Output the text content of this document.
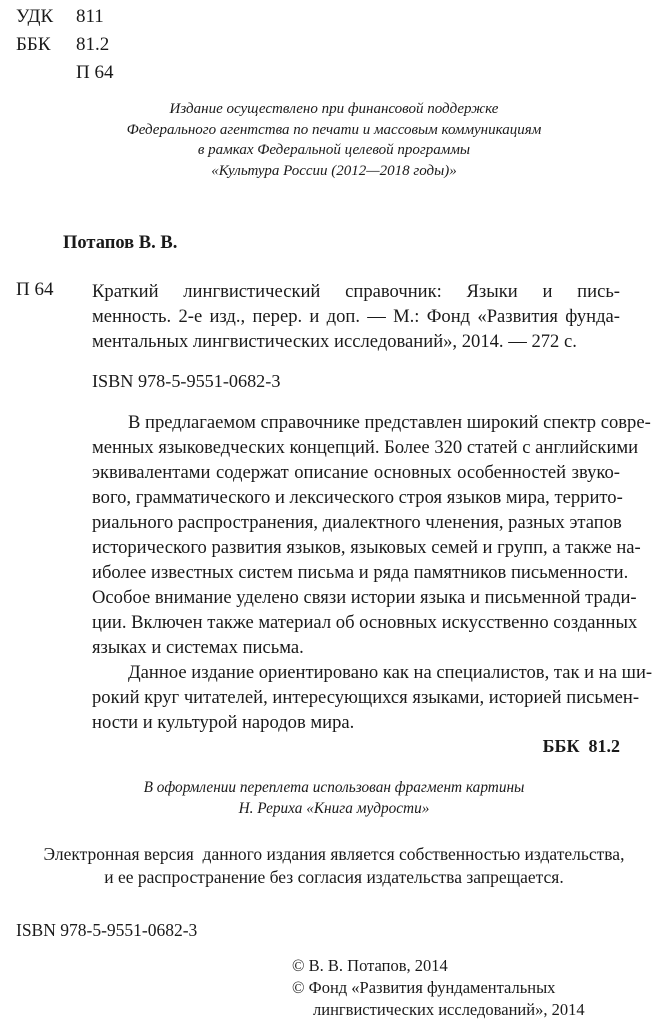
УДК 811
ББК 81.2
П 64
Издание осуществлено при финансовой поддержке
Федерального агентства по печати и массовым коммуникациям
в рамках Федеральной целевой программы
«Культура России (2012—2018 годы)»
Потапов В. В.
П 64 Краткий лингвистический справочник: Языки и пись-
менность. 2-е изд., перер. и доп. — М.: Фонд «Развития фунда-
ментальных лингвистических исследований», 2014. — 272 с.
ISBN 978-5-9551-0682-3
В предлагаемом справочнике представлен широкий спектр совре-
менных языковедческих концепций. Более 320 статей с английскими
эквивалентами содержат описание основных особенностей звуко-
вого, грамматического и лексического строя языков мира, террито-
риального распространения, диалектного членения, разных этапов
исторического развития языков, языковых семей и групп, а также на-
иболее известных систем письма и ряда памятников письменности.
Особое внимание уделено связи истории языка и письменной тради-
ции. Включен также материал об основных искусственно созданных
языках и системах письма.
Данное издание ориентировано как на специалистов, так и на ши-
рокий круг читателей, интересующихся языками, историей письмен-
ности и культурой народов мира.
ББК  81.2
В оформлении переплета использован фрагмент картины
Н. Рериха «Книга мудрости»
Электронная версия  данного издания является собственностью издательства,
и ее распространение без согласия издательства запрещается.
ISBN 978-5-9551-0682-3
© В. В. Потапов, 2014
© Фонд «Развития фундаментальных
лингвистических исследований», 2014
